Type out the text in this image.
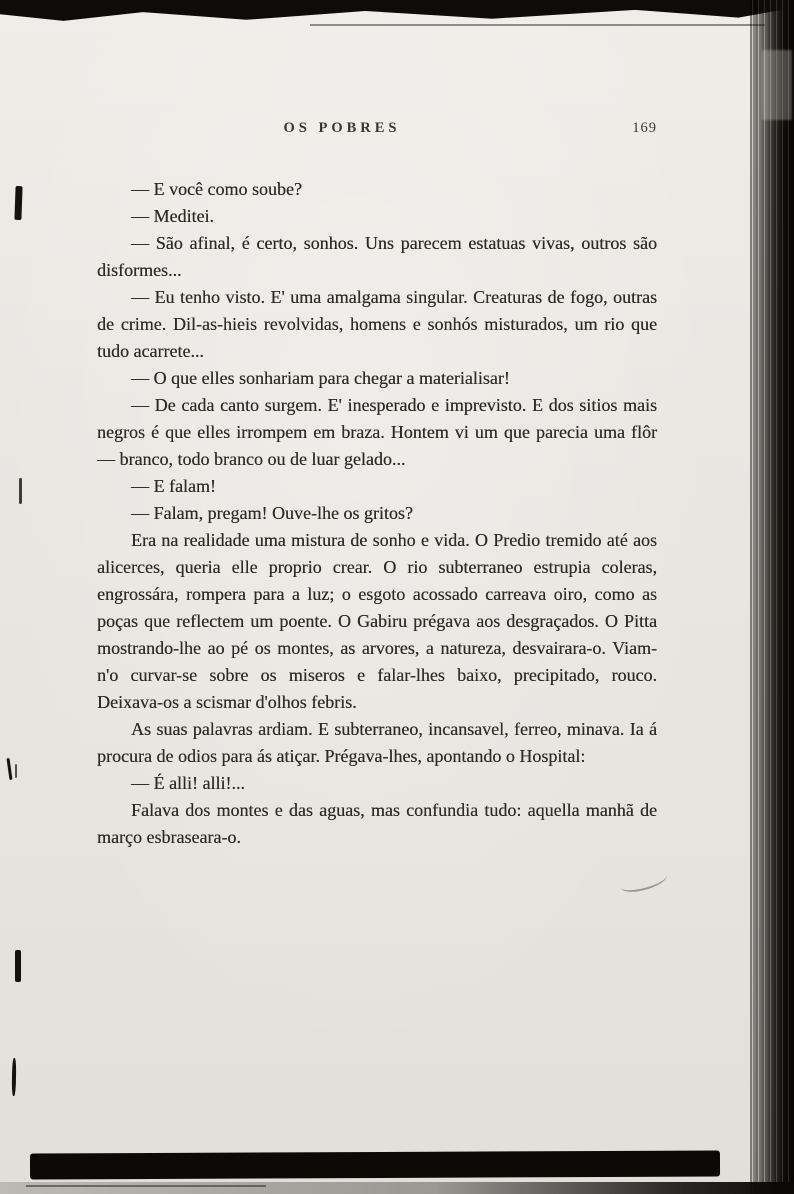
OS POBRES	169

— E você como soube?

— Meditei.

— São afinal, é certo, sonhos. Uns parecem estatuas vivas, outros são disformes...

— Eu tenho visto. E' uma amalgama singular. Creaturas de fogo, outras de crime. Dil-as-hieis revolvidas, homens e sonhós misturados, um rio que tudo acarrete...

— O que elles sonhariam para chegar a materialisar!

— De cada canto surgem. E' inesperado e imprevisto. E dos sitios mais negros é que elles irrompem em braza. Hontem vi um que parecia uma flôr — branco, todo branco ou de luar gelado...

— E falam!

— Falam, pregam! Ouve-lhe os gritos?

Era na realidade uma mistura de sonho e vida. O Predio tremido até aos alicerces, queria elle proprio crear. O rio subterraneo estrupia coleras, engrossára, rompera para a luz; o esgoto acossado carreava oiro, como as poças que reflectem um poente. O Gabiru prégava aos desgraçados. O Pitta mostrando-lhe ao pé os montes, as arvores, a natureza, desvairara-o. Viam-n'o curvar-se sobre os miseros e falar-lhes baixo, precipitado, rouco. Deixava-os a scismar d'olhos febris.

As suas palavras ardiam. E subterraneo, incansavel, ferreo, minava. Ia á procura de odios para ás atiçar. Prégava-lhes, apontando o Hospital:

— É alli! alli!...

Falava dos montes e das aguas, mas confundia tudo: aquella manhã de março esbraseara-o.
